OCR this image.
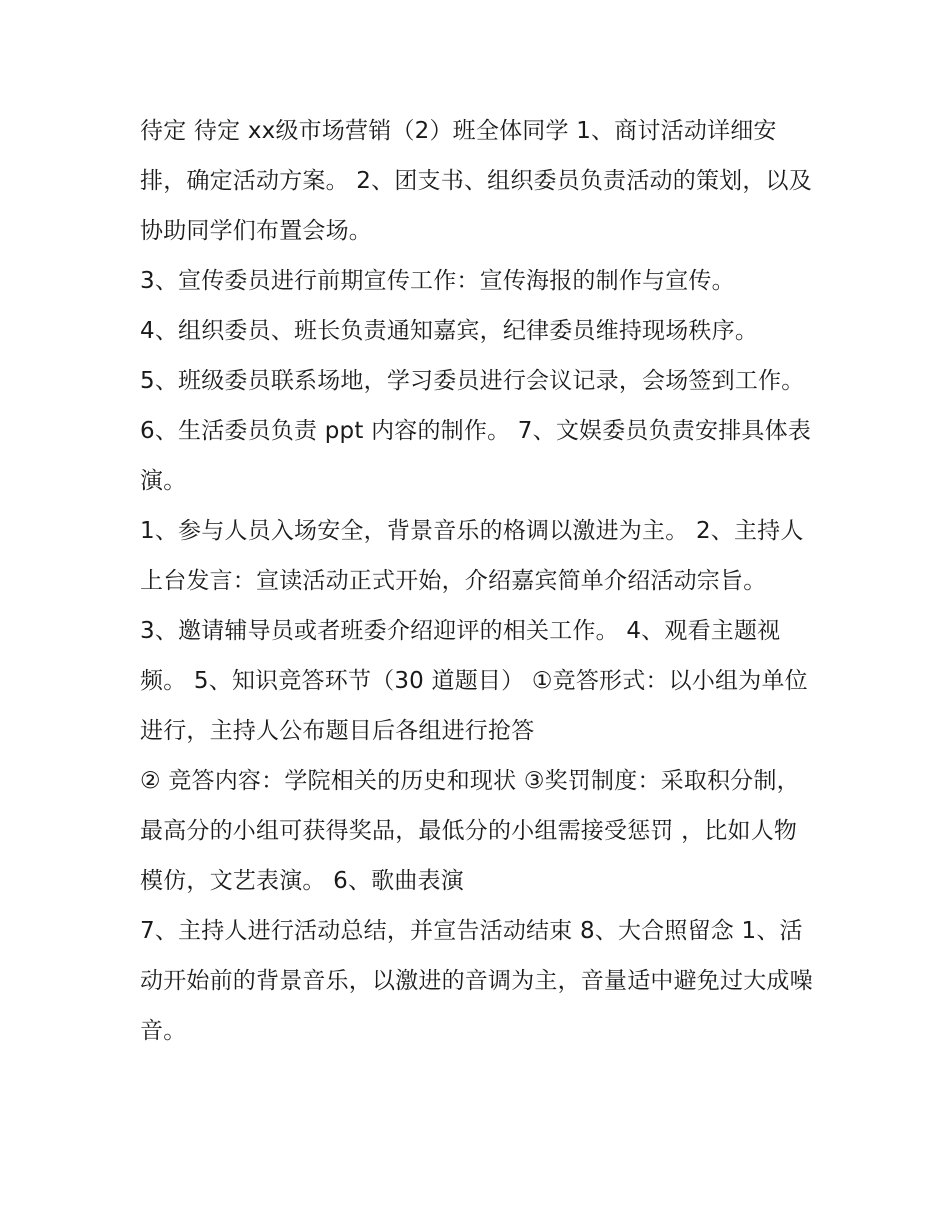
待定 待定 xx级市场营销（2）班全体同学 1、商讨活动详细安排，确定活动方案。 2、团支书、组织委员负责活动的策划，以及协助同学们布置会场。

3、宣传委员进行前期宣传工作：宣传海报的制作与宣传。

4、组织委员、班长负责通知嘉宾，纪律委员维持现场秩序。

5、班级委员联系场地，学习委员进行会议记录，会场签到工作。 6、生活委员负责 ppt 内容的制作。 7、文娱委员负责安排具体表演。

1、参与人员入场安全，背景音乐的格调以激进为主。 2、主持人上台发言：宣读活动正式开始，介绍嘉宾简单介绍活动宗旨。

3、邀请辅导员或者班委介绍迎评的相关工作。 4、观看主题视频。 5、知识竞答环节（30 道题目） ①竞答形式：以小组为单位进行，主持人公布题目后各组进行抢答

② 竞答内容：学院相关的历史和现状 ③奖罚制度：采取积分制，最高分的小组可获得奖品，最低分的小组需接受惩罚 ，比如人物模仿，文艺表演。 6、歌曲表演

7、主持人进行活动总结，并宣告活动结束 8、大合照留念 1、活动开始前的背景音乐，以激进的音调为主，音量适中避免过大成噪音。
